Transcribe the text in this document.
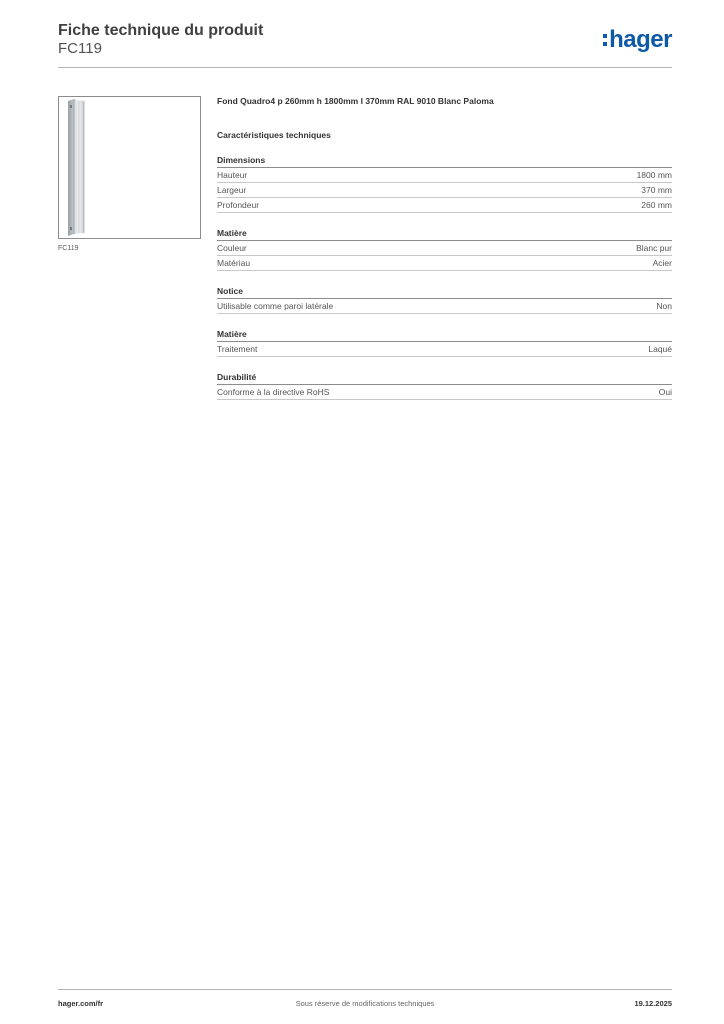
Fiche technique du produit
FC119	hager
FC119
Fond Quadro4 p 260mm h 1800mm l 370mm RAL 9010 Blanc Paloma
Caractéristiques techniques
Dimensions
Hauteur	1800 mm
Largeur	370 mm
Profondeur	260 mm
Matière
Couleur	Blanc pur
Matériau	Acier
Notice
Utilisable comme paroi latérale	Non
Matière
Traitement	Laqué
Durabilité
Conforme à la directive RoHS	Oui
hager.com/fr	Sous réserve de modifications techniques	19.12.2025
